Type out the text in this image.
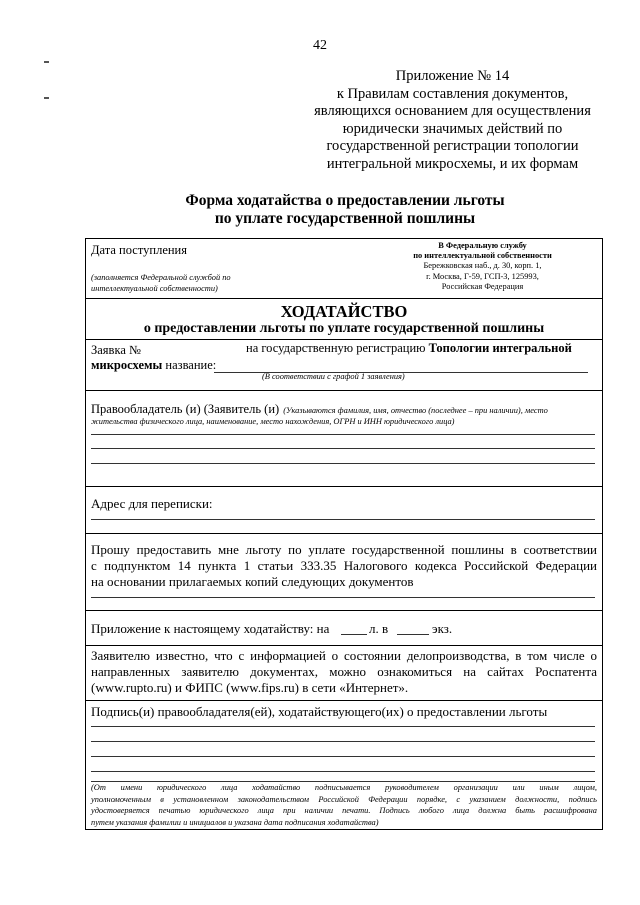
42
Приложение № 14
к Правилам составления документов,
являющихся основанием для осуществления
юридически значимых действий по
государственной регистрации топологии
интегральной микросхемы, и их формам
Форма ходатайства о предоставлении льготы
по уплате государственной пошлины
Дата поступления
(заполняется Федеральной службой по
интеллектуальной собственности)
В Федеральную службу
по интеллектуальной собственности
Бережковская наб., д. 30, корп. 1,
г. Москва, Г-59, ГСП-3, 125993,
Российская Федерация
ХОДАТАЙСТВО
о предоставлении льготы по уплате государственной пошлины
Заявка №	на государственную регистрацию Топологии интегральной
микросхемы название:
(В соответствии с графой 1 заявления)
Правообладатель (и) (Заявитель (и) (Указываются фамилия, имя, отчество (последнее – при наличии), место
жительства физического лица, наименование, место нахождения, ОГРН и ИНН юридического лица)
Адрес для переписки:
Прошу предоставить мне льготу по уплате государственной пошлины в соответствии
с подпунктом 14 пункта 1 статьи 333.35 Налогового кодекса Российской Федерации
на основании прилагаемых копий следующих документов
Приложение к настоящему ходатайству: на	л. в	экз.
Заявителю известно, что с информацией о состоянии делопроизводства, в том числе о
направленных заявителю документах, можно ознакомиться на сайтах Роспатента
(www.rupto.ru) и ФИПС (www.fips.ru) в сети «Интернет».
Подпись(и) правообладателя(ей), ходатайствующего(их) о предоставлении льготы
(От имени юридического лица ходатайство подписывается руководителем организации или иным лицом,
уполномоченным в установленном законодательством Российской Федерации порядке, с указанием должности, подпись
удостоверяется печатью юридического лица при наличии печати. Подпись любого лица должна быть расшифрована
путем указания фамилии и инициалов и указана дата подписания ходатайства)
